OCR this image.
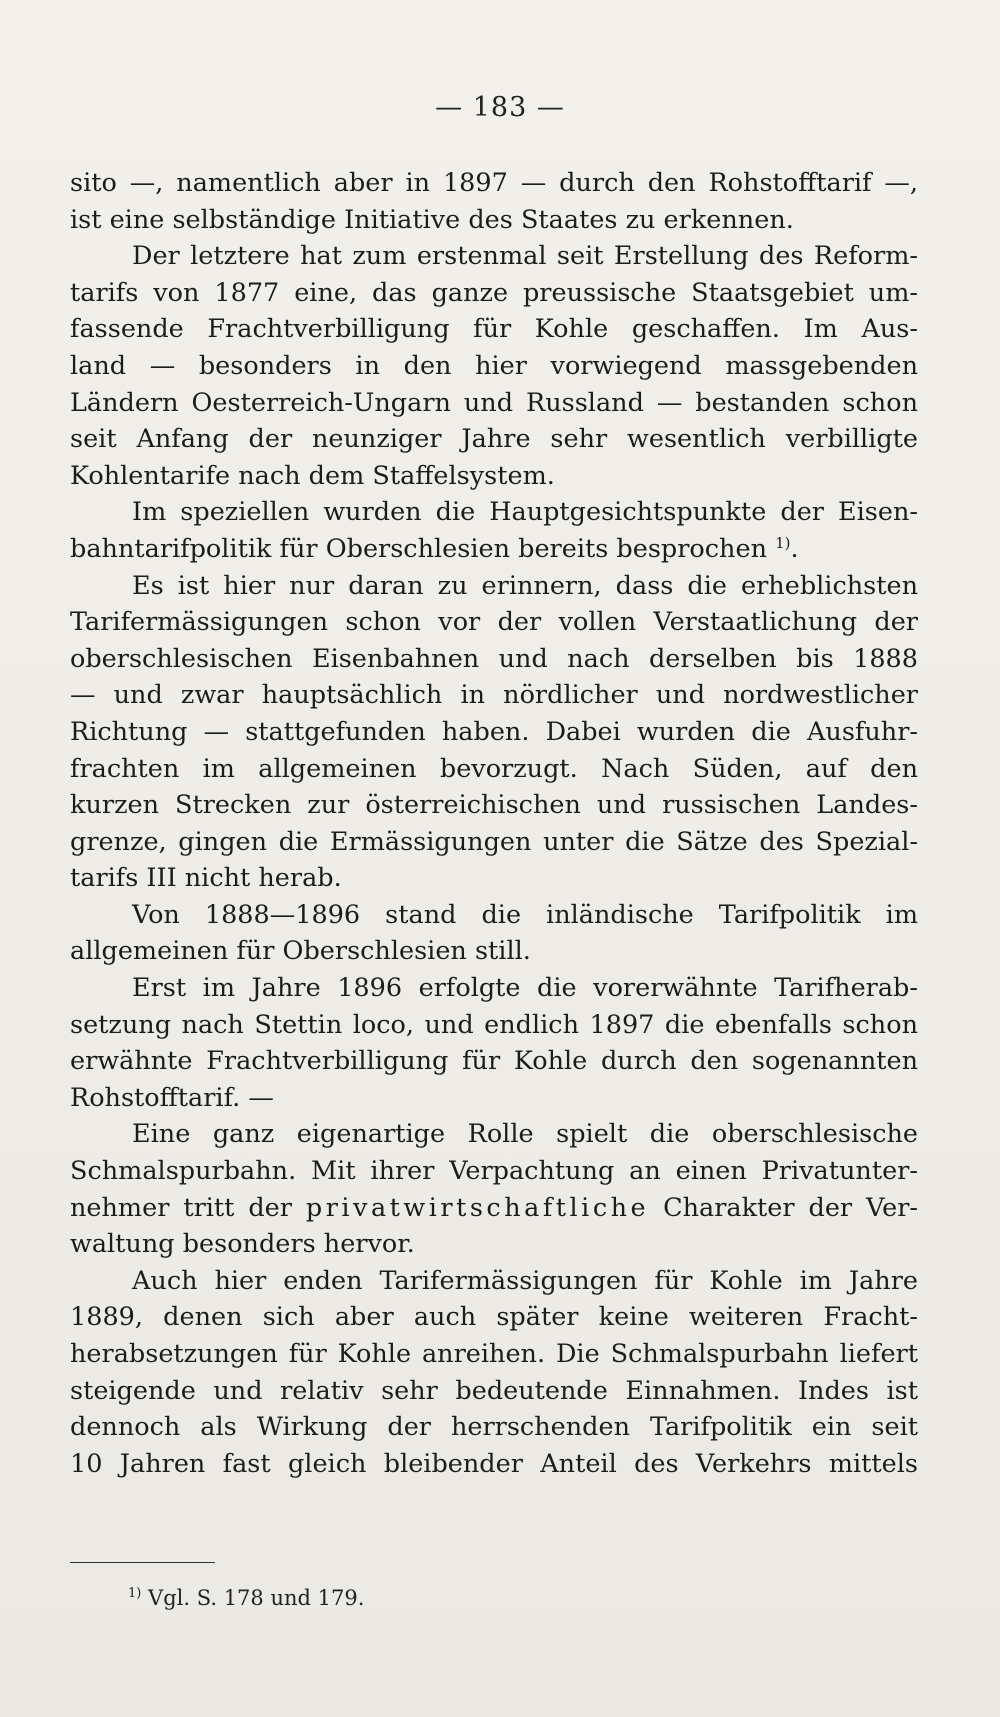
— 183 —
sito —, namentlich aber in 1897 — durch den Rohstofftarif —,
ist eine selbständige Initiative des Staates zu erkennen.
Der letztere hat zum erstenmal seit Erstellung des Reform-
tarifs von 1877 eine, das ganze preussische Staatsgebiet um-
fassende Frachtverbilligung für Kohle geschaffen. Im Aus-
land — besonders in den hier vorwiegend massgebenden
Ländern Oesterreich-Ungarn und Russland — bestanden schon
seit Anfang der neunziger Jahre sehr wesentlich verbilligte
Kohlentarife nach dem Staffelsystem.
Im speziellen wurden die Hauptgesichtspunkte der Eisen-
bahntarifpolitik für Oberschlesien bereits besprochen $^{1)}$.
Es ist hier nur daran zu erinnern, dass die erheblichsten
Tarifermässigungen schon vor der vollen Verstaatlichung der
oberschlesischen Eisenbahnen und nach derselben bis 1888
— und zwar hauptsächlich in nördlicher und nordwestlicher
Richtung — stattgefunden haben. Dabei wurden die Ausfuhr-
frachten im allgemeinen bevorzugt. Nach Süden, auf den
kurzen Strecken zur österreichischen und russischen Landes-
grenze, gingen die Ermässigungen unter die Sätze des Spezial-
tarifs III nicht herab.
Von 1888—1896 stand die inländische Tarifpolitik im
allgemeinen für Oberschlesien still.
Erst im Jahre 1896 erfolgte die vorerwähnte Tarifherab-
setzung nach Stettin loco, und endlich 1897 die ebenfalls schon
erwähnte Frachtverbilligung für Kohle durch den sogenannten
Rohstofftarif. —
Eine ganz eigenartige Rolle spielt die oberschlesische
Schmalspurbahn. Mit ihrer Verpachtung an einen Privatunter-
nehmer tritt der privatwirtschaftliche Charakter der Ver-
waltung besonders hervor.
Auch hier enden Tarifermässigungen für Kohle im Jahre
1889, denen sich aber auch später keine weiteren Fracht-
herabsetzungen für Kohle anreihen. Die Schmalspurbahn liefert
steigende und relativ sehr bedeutende Einnahmen. Indes ist
dennoch als Wirkung der herrschenden Tarifpolitik ein seit
10 Jahren fast gleich bleibender Anteil des Verkehrs mittels
$^{1)}$ Vgl. S. 178 und 179.
